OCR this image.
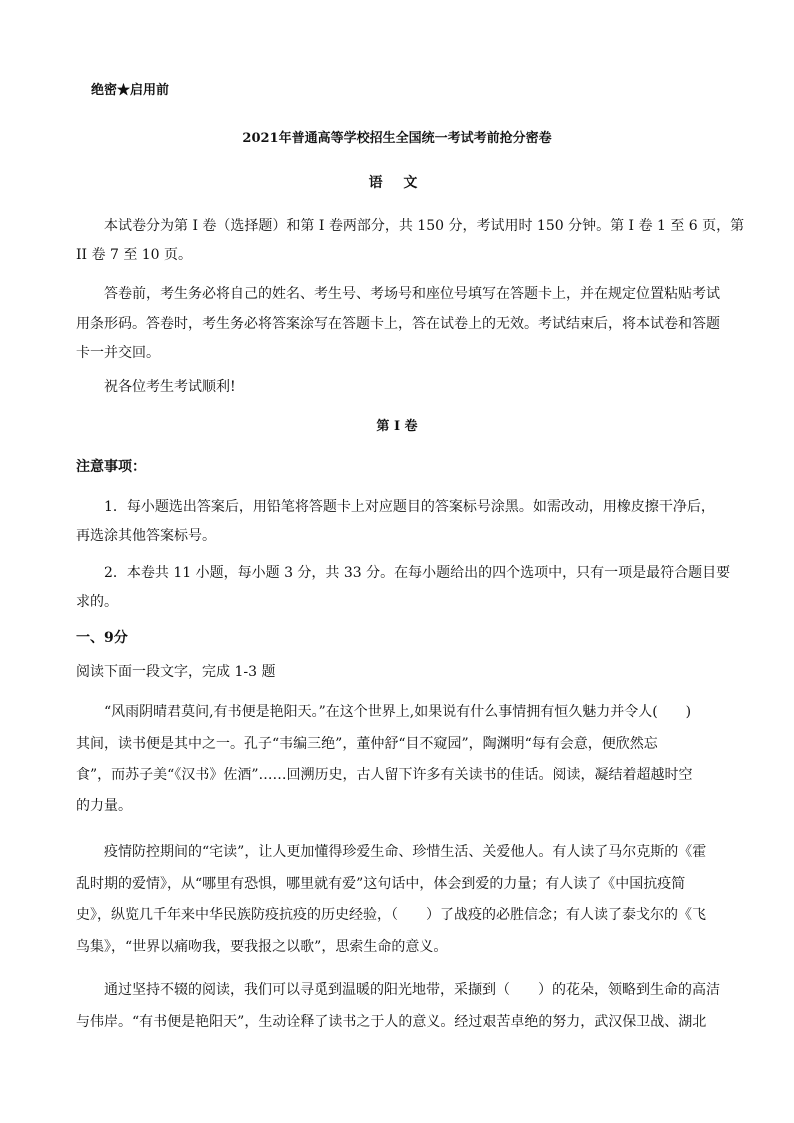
绝密★启用前
2021年普通高等学校招生全国统一考试考前抢分密卷
语 文
本试卷分为第 I 卷（选择题）和第 I 卷两部分，共 150 分，考试用时 150 分钟。第 I 卷 1 至 6 页，第
II 卷 7 至 10 页。
答卷前，考生务必将自己的姓名、考生号、考场号和座位号填写在答题卡上，并在规定位置粘贴考试
用条形码。答卷时，考生务必将答案涂写在答题卡上，答在试卷上的无效。考试结束后，将本试卷和答题
卡一并交回。
祝各位考生考试顺利!
第 I 卷
注意事项：
1．每小题选出答案后，用铅笔将答题卡上对应题目的答案标号涂黑。如需改动，用橡皮擦干净后，
再选涂其他答案标号。
2．本卷共 11 小题，每小题 3 分，共 33 分。在每小题给出的四个选项中，只有一项是最符合题目要
求的。
一、9分
阅读下面一段文字，完成 1-3 题
“风雨阴晴君莫问,有书便是艳阳天。”在这个世界上,如果说有什么事情拥有恒久魅力并令人(　　)
其间，读书便是其中之一。孔子“韦编三绝”，董仲舒“目不窥园”，陶渊明“每有会意，便欣然忘
食”，而苏子美“《汉书》佐酒”……回溯历史，古人留下许多有关读书的佳话。阅读，凝结着超越时空
的力量。
疫情防控期间的“宅读”，让人更加懂得珍爱生命、珍惜生活、关爱他人。有人读了马尔克斯的《霍
乱时期的爱情》，从“哪里有恐惧，哪里就有爱”这句话中，体会到爱的力量；有人读了《中国抗疫简
史》，纵览几千年来中华民族防疫抗疫的历史经验，（　　）了战疫的必胜信念；有人读了泰戈尔的《飞
鸟集》，“世界以痛吻我，要我报之以歌”，思索生命的意义。
通过坚持不辍的阅读，我们可以寻觅到温暖的阳光地带，采撷到（　　）的花朵，领略到生命的高洁
与伟岸。“有书便是艳阳天”，生动诠释了读书之于人的意义。经过艰苦卓绝的努力，武汉保卫战、湖北
